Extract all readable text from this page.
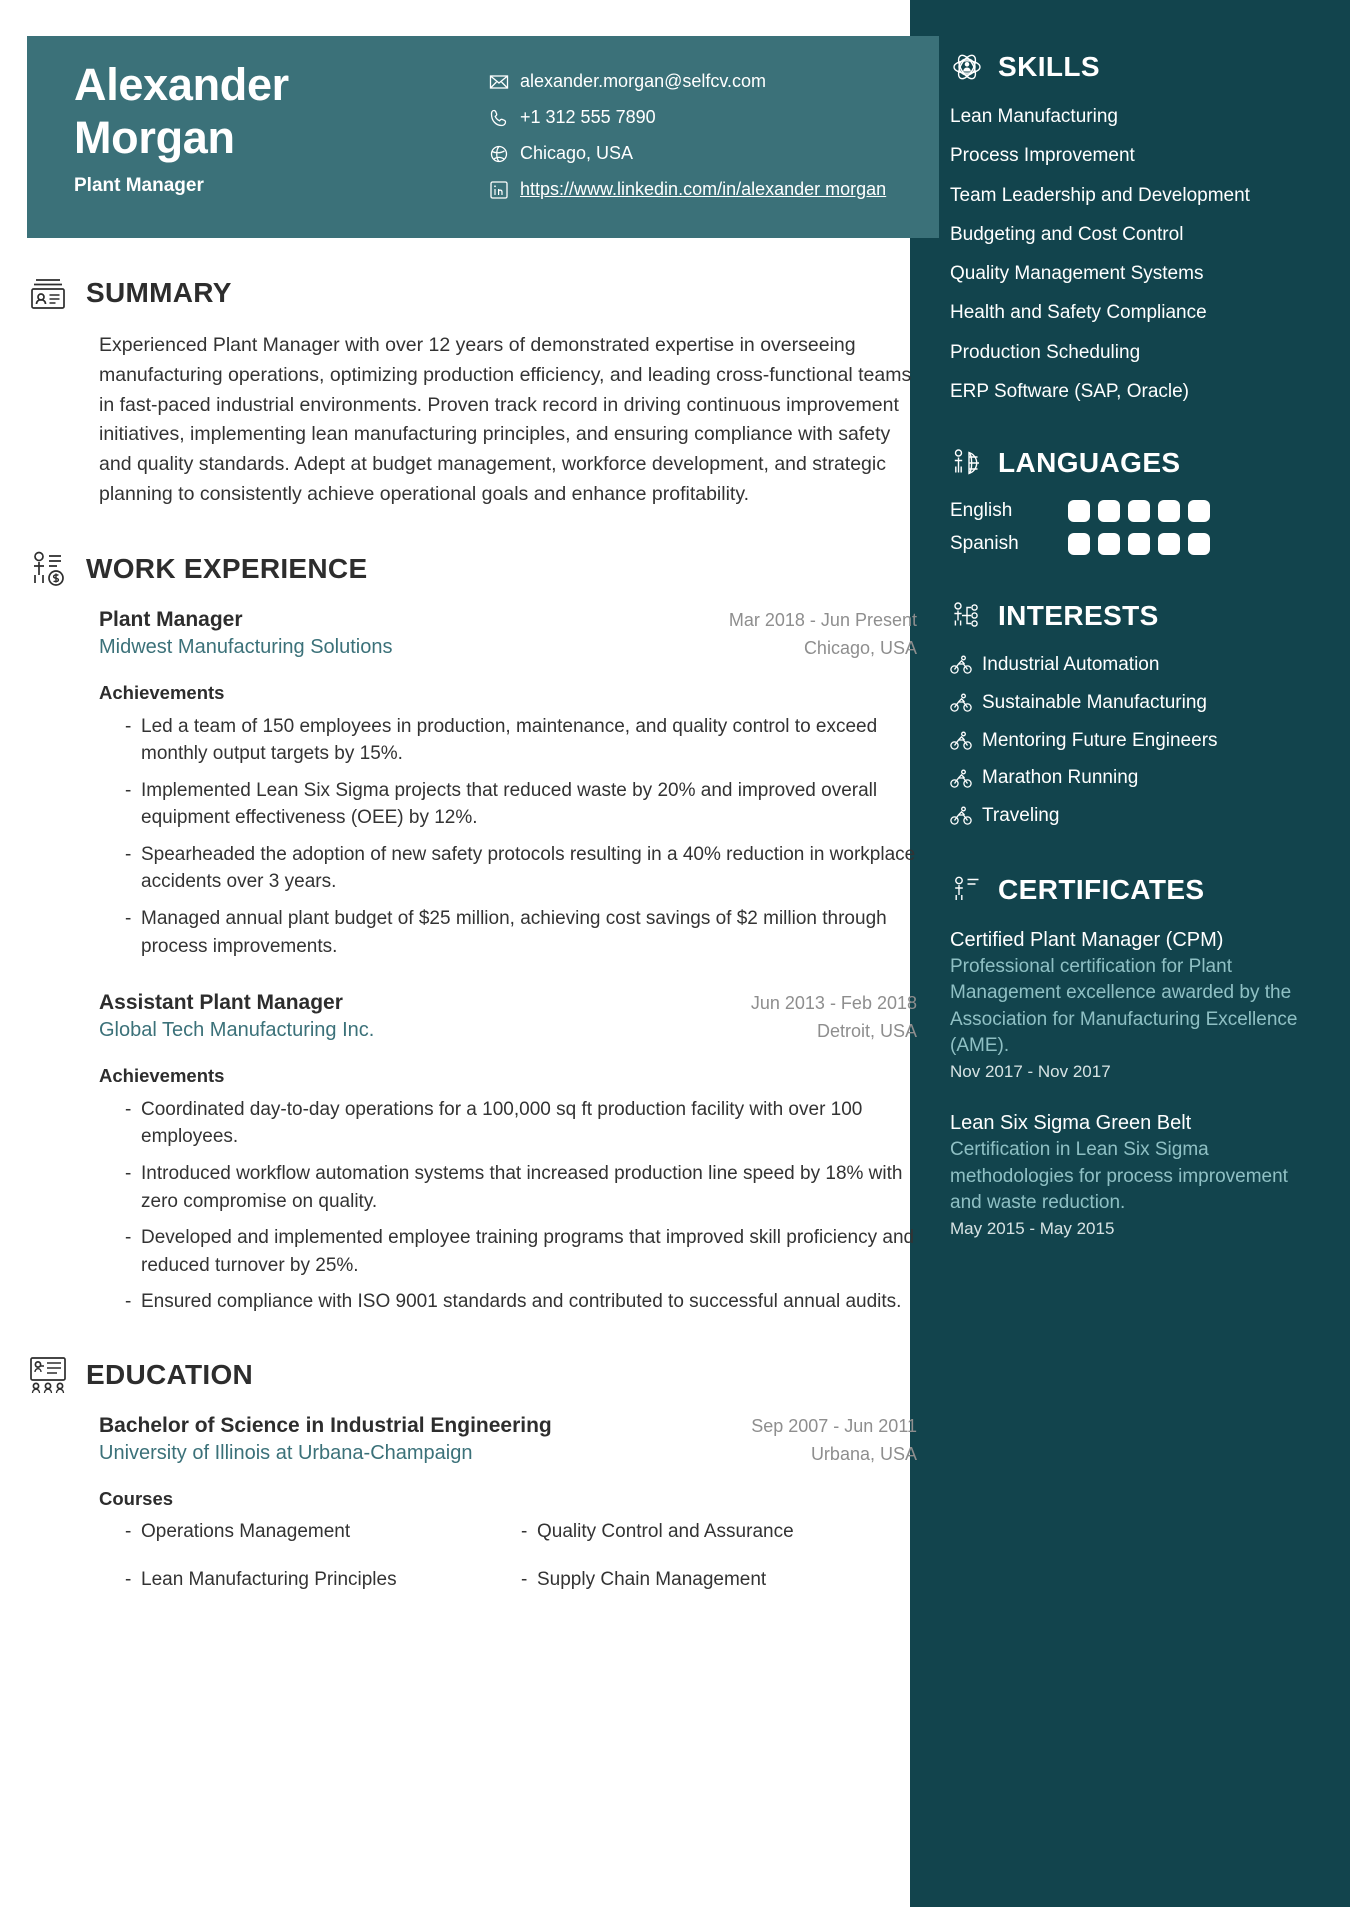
SKILLS
Lean Manufacturing
Process Improvement
Team Leadership and Development
Budgeting and Cost Control
Quality Management Systems
Health and Safety Compliance
Production Scheduling
ERP Software (SAP, Oracle)
LANGUAGES
English
Spanish
INTERESTS
Industrial Automation
Sustainable Manufacturing
Mentoring Future Engineers
Marathon Running
Traveling
CERTIFICATES
Certified Plant Manager (CPM)
Professional certification for Plant Management excellence awarded by the Association for Manufacturing Excellence (AME).
Nov 2017 - Nov 2017
Lean Six Sigma Green Belt
Certification in Lean Six Sigma methodologies for process improvement and waste reduction.
May 2015 - May 2015
Alexander
Morgan
Plant Manager
alexander.morgan@selfcv.com
+1 312 555 7890
Chicago, USA
https://www.linkedin.com/in/alexander morgan
SUMMARY

Experienced Plant Manager with over 12 years of demonstrated expertise in overseeing manufacturing operations, optimizing production efficiency, and leading cross-functional teams in fast-paced industrial environments. Proven track record in driving continuous improvement initiatives, implementing lean manufacturing principles, and ensuring compliance with safety and quality standards. Adept at budget management, workforce development, and strategic planning to consistently achieve operational goals and enhance profitability.

WORK EXPERIENCE
Plant Manager
Midwest Manufacturing Solutions
Mar 2018 - Jun Present
Chicago, USA
Achievements
- Led a team of 150 employees in production, maintenance, and quality control to exceed monthly output targets by 15%.
- Implemented Lean Six Sigma projects that reduced waste by 20% and improved overall equipment effectiveness (OEE) by 12%.
- Spearheaded the adoption of new safety protocols resulting in a 40% reduction in workplace accidents over 3 years.
- Managed annual plant budget of $25 million, achieving cost savings of $2 million through process improvements.
Assistant Plant Manager
Global Tech Manufacturing Inc.
Jun 2013 - Feb 2018
Detroit, USA
Achievements
- Coordinated day-to-day operations for a 100,000 sq ft production facility with over 100 employees.
- Introduced workflow automation systems that increased production line speed by 18% with zero compromise on quality.
- Developed and implemented employee training programs that improved skill proficiency and reduced turnover by 25%.
- Ensured compliance with ISO 9001 standards and contributed to successful annual audits.
EDUCATION
Bachelor of Science in Industrial Engineering
University of Illinois at Urbana-Champaign
Sep 2007 - Jun 2011
Urbana, USA
Courses
- Operations Management	- Quality Control and Assurance
- Lean Manufacturing Principles	- Supply Chain Management
